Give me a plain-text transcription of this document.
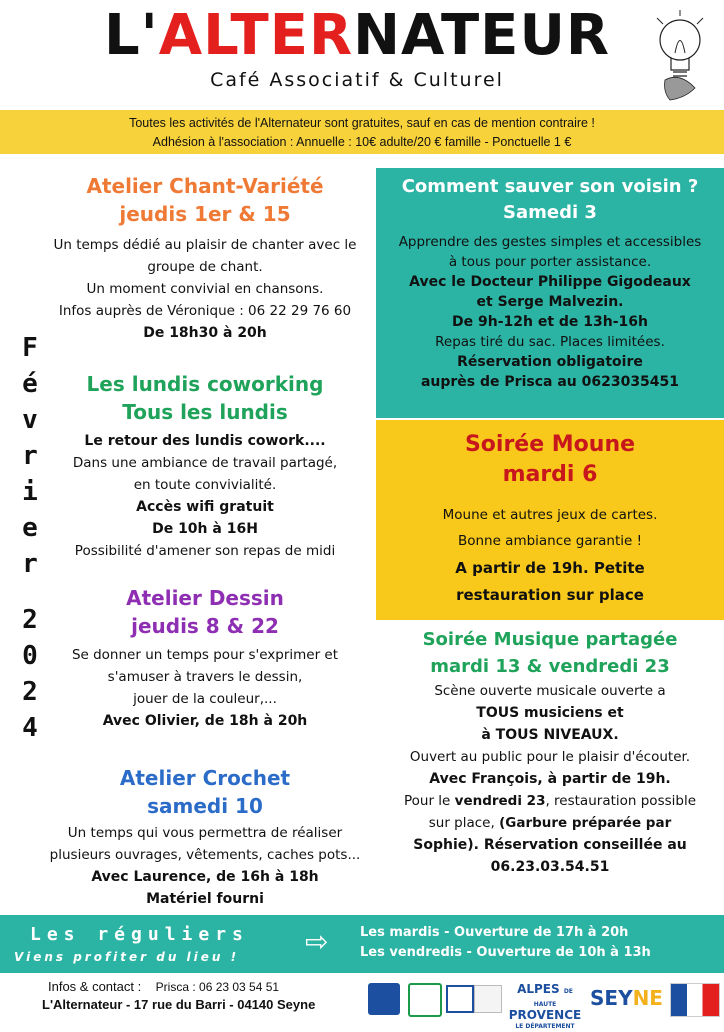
L'ALTERNATEUR
Café Associatif & Culturel
Toutes les activités de l'Alternateur sont gratuites, sauf en cas de mention contraire !
Adhésion à l'association : Annuelle : 10€ adulte/20 € famille - Ponctuelle 1 €
F
é
v
r
i
e
r
2
0
2
4
Atelier Chant-Variété
jeudis 1er & 15
Un temps dédié au plaisir de chanter avec le
groupe de chant.
Un moment convivial en chansons.
Infos auprès de Véronique : 06 22 29 76 60
De 18h30 à 20h
Les lundis coworking
Tous les lundis
Le retour des lundis cowork....
Dans une ambiance de travail partagé,
en toute convivialité.
Accès wifi gratuit
De 10h à 16H
Possibilité d'amener son repas de midi
Atelier Dessin
jeudis 8 & 22
Se donner un temps pour s'exprimer et
s'amuser à travers le dessin,
jouer de la couleur,...
Avec Olivier, de 18h à 20h
Atelier Crochet
samedi 10
Un temps qui vous permettra de réaliser
plusieurs ouvrages, vêtements, caches pots...
Avec Laurence, de 16h à 18h
Matériel fourni
Comment sauver son voisin ?
Samedi 3
Apprendre des gestes simples et accessibles
à tous pour porter assistance.
Avec le Docteur Philippe Gigodeaux
et Serge Malvezin.
De 9h-12h et de 13h-16h
Repas tiré du sac. Places limitées.
Réservation obligatoire
auprès de Prisca au 0623035451
Soirée Moune
mardi 6
Moune et autres jeux de cartes.
Bonne ambiance garantie !
A partir de 19h. Petite
restauration sur place
Soirée Musique partagée
mardi 13 & vendredi 23
Scène ouverte musicale ouverte a
TOUS musiciens et
à TOUS NIVEAUX.
Ouvert au public pour le plaisir d'écouter.
Avec François, à partir de 19h.
Pour le vendredi 23, restauration possible
sur place, (Garbure préparée par
Sophie). Réservation conseillée au
06.23.03.54.51
Les réguliers
Viens profiter du lieu ! ⇨ Les mardis - Ouverture de 17h à 20h
Les vendredis - Ouverture de 10h à 13h
Infos & contact : Prisca : 06 23 03 54 51
L'Alternateur - 17 rue du Barri - 04140 Seyne
ALPES DE HAUTE
PROVENCE
LE DÉPARTEMENT
SEYNE
